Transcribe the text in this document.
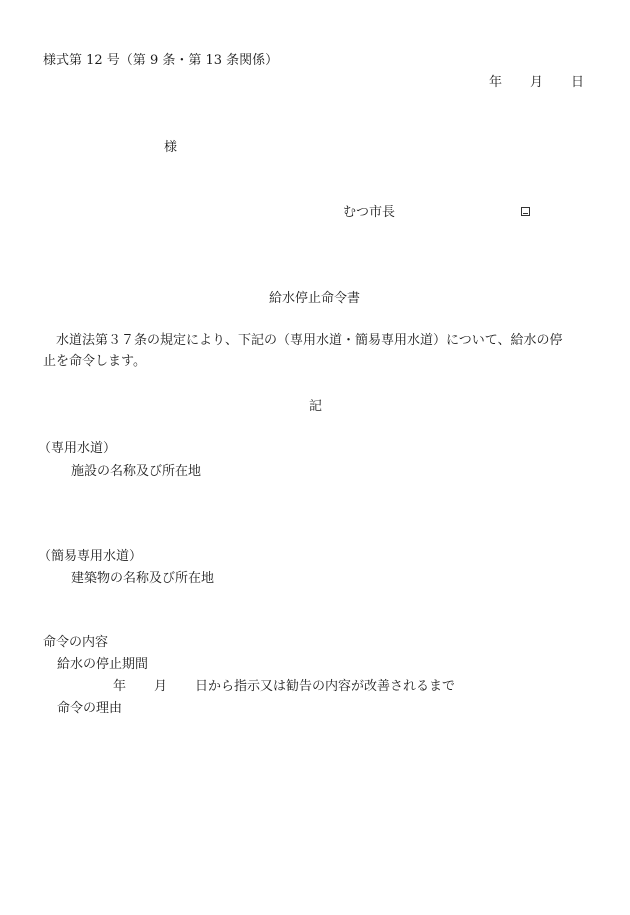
様式第 12 号（第 9 条・第 13 条関係）
年 月 日
様
むつ市長
給水停止命令書
　水道法第３７条の規定により、下記の（専用水道・簡易専用水道）について、給水の停
止を命令します。
記
（専用水道）
施設の名称及び所在地
（簡易専用水道）
建築物の名称及び所在地
命令の内容
給水の停止期間
年 月 日から指示又は勧告の内容が改善されるまで
命令の理由
